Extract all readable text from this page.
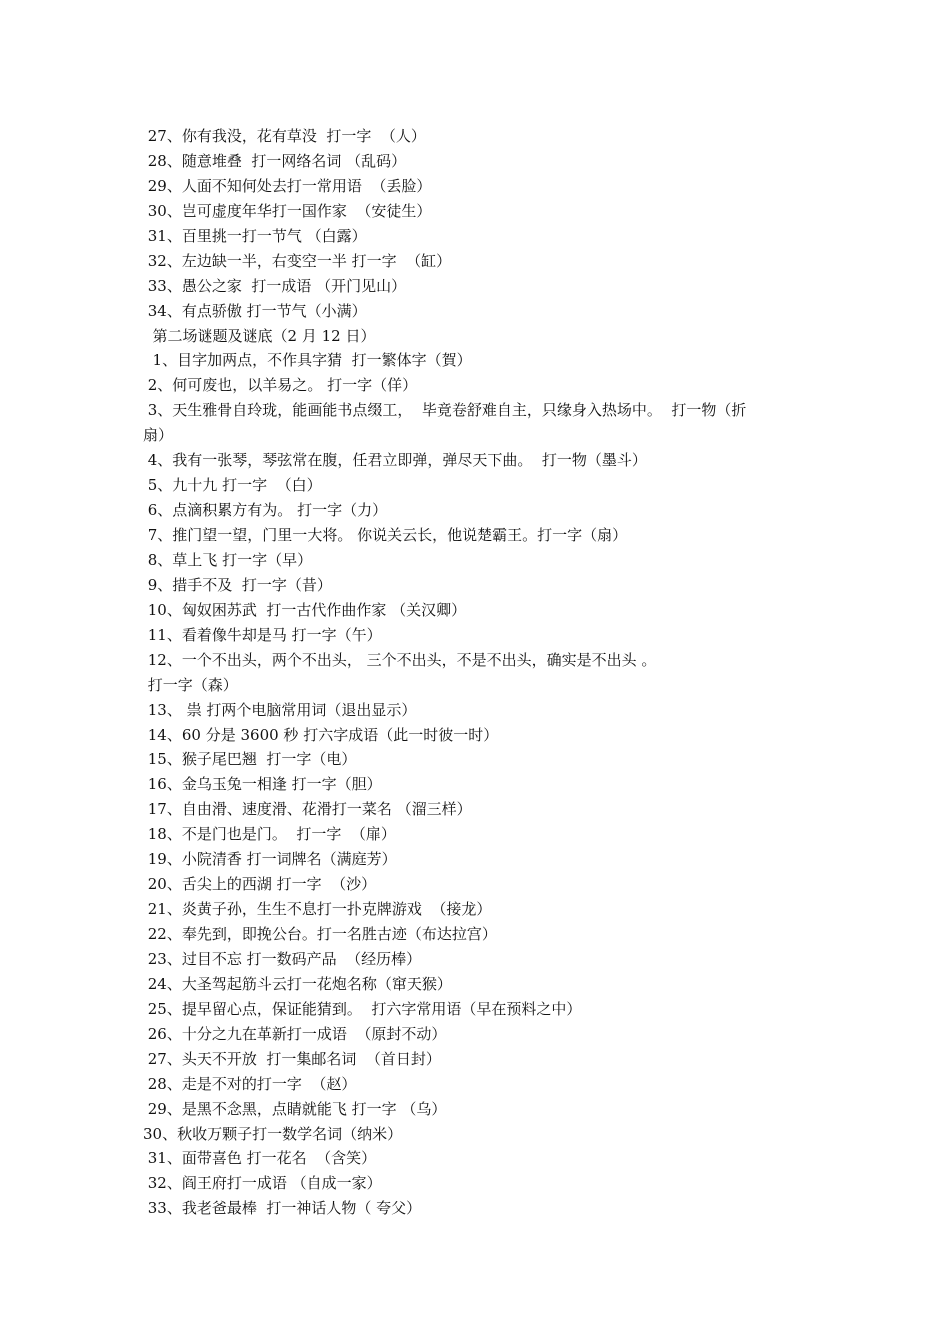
27、你有我没，花有草没  打一字  （人）
28、随意堆叠  打一网络名词 （乱码）
29、人面不知何处去打一常用语  （丢脸）
30、岂可虚度年华打一国作家  （安徒生）
31、百里挑一打一节气 （白露）
32、左边缺一半，右变空一半 打一字  （缸）
33、愚公之家  打一成语 （开门见山）
34、有点骄傲 打一节气（小满）
第二场谜题及谜底（2 月 12 日）
1、目字加两点，不作具字猜  打一繁体字（賀）
2、何可废也，以羊易之。 打一字（佯）
3、天生雅骨自玲珑，能画能书点缀工，  毕竟卷舒难自主，只缘身入热场中。  打一物（折
扇）
4、我有一张琴，琴弦常在腹，任君立即弹，弹尽天下曲。  打一物（墨斗）
5、九十九 打一字  （白）
6、点滴积累方有为。 打一字（力）
7、推门望一望，门里一大将。 你说关云长，他说楚霸王。打一字（扇）
8、草上飞 打一字（早）
9、措手不及  打一字（昔）
10、匈奴困苏武  打一古代作曲作家 （关汉卿）
11、看着像牛却是马 打一字（午）
12、一个不出头，两个不出头， 三个不出头，不是不出头，确实是不出头 。
打一字（森）
13、 祟 打两个电脑常用词（退出显示）
14、60 分是 3600 秒 打六字成语（此一时彼一时）
15、猴子尾巴翘  打一字（电）
16、金乌玉兔一相逢 打一字（胆）
17、自由滑、速度滑、花滑打一菜名 （溜三样）
18、不是门也是门。  打一字  （扉）
19、小院清香 打一词牌名（满庭芳）
20、舌尖上的西湖 打一字  （沙）
21、炎黄子孙，生生不息打一扑克牌游戏  （接龙）
22、奉先到，即挽公台。打一名胜古迹（布达拉宫）
23、过目不忘 打一数码产品  （经历棒）
24、大圣驾起筋斗云打一花炮名称（窜天猴）
25、提早留心点，保证能猜到。  打六字常用语（早在预料之中）
26、十分之九在革新打一成语  （原封不动）
27、头天不开放  打一集邮名词  （首日封）
28、走是不对的打一字  （赵）
29、是黑不念黑，点睛就能飞 打一字 （乌）
30、秋收万颗子打一数学名词（纳米）
31、面带喜色 打一花名  （含笑）
32、阎王府打一成语 （自成一家）
33、我老爸最棒  打一神话人物（ 夸父）
